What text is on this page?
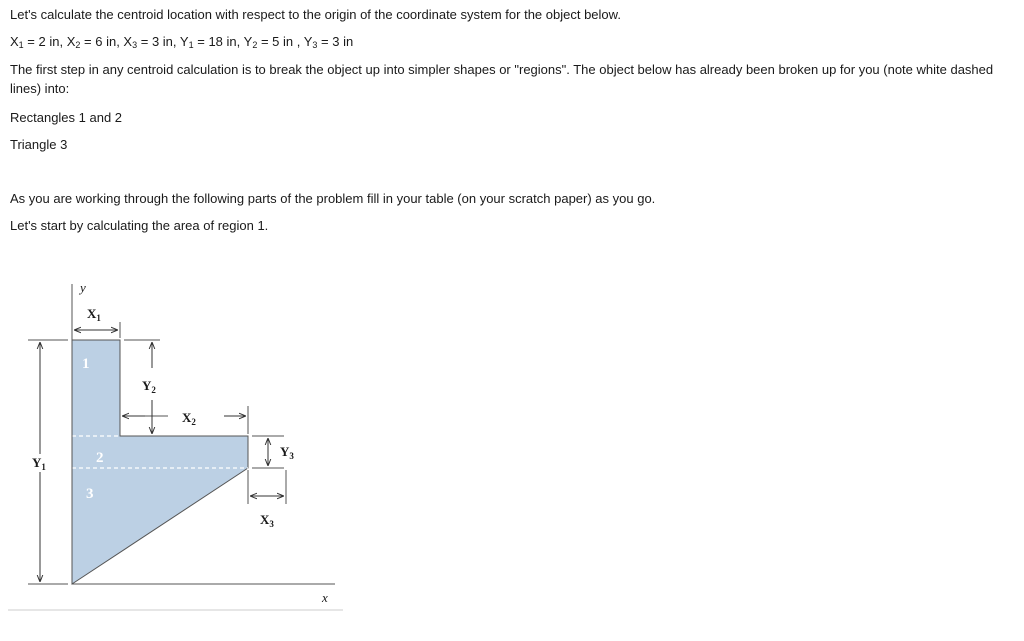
Let's calculate the centroid location with respect to the origin of the coordinate system for the object below.
$X_1 = 2$ in, $X_2 = 6$ in, $X_3 = 3$ in, $Y_1 = 18$ in, $Y_2 = 5$ in , $Y_3 = 3$ in
The first step in any centroid calculation is to break the object up into simpler shapes or "regions". The object below has already been broken up for you (note white dashed lines) into:
Rectangles 1 and 2
Triangle 3
As you are working through the following parts of the problem fill in your table (on your scratch paper) as you go.
Let's start by calculating the area of region 1.
$Y_1$
$X_1$
$Y_2$
$X_2$
$Y_3$
$X_3$
y
x
1
2
3
